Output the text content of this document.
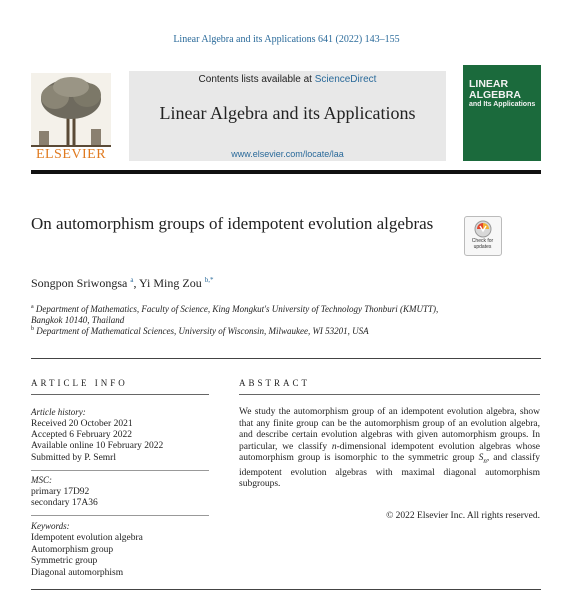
Linear Algebra and its Applications 641 (2022) 143–155
ELSEVIER
Contents lists available at ScienceDirect
Linear Algebra and its Applications
www.elsevier.com/locate/laa
LINEAR ALGEBRA
and Its Applications
On automorphism groups of idempotent evolution algebras
Check for updates
Songpon Sriwongsa $^a$, Yi Ming Zou $^{b,*}$
$^a$ Department of Mathematics, Faculty of Science, King Mongkut's University of Technology Thonburi (KMUTT), Bangkok 10140, Thailand
$^b$ Department of Mathematical Sciences, University of Wisconsin, Milwaukee, WI 53201, USA
ARTICLE INFO	ABSTRACT
Article history:
Received 20 October 2021
Accepted 6 February 2022
Available online 10 February 2022
Submitted by P. Semrl
MSC:
primary 17D92
secondary 17A36
Keywords:
Idempotent evolution algebra
Automorphism group
Symmetric group
Diagonal automorphism
We study the automorphism group of an idempotent evolution algebra, show that any finite group can be the automorphism group of an evolution algebra, and describe certain evolution algebras with given automorphism groups. In particular, we classify n-dimensional idempotent evolution algebras whose automorphism group is isomorphic to the symmetric group $S_n$, and classify idempotent evolution algebras with maximal diagonal automorphism subgroups.
© 2022 Elsevier Inc. All rights reserved.
